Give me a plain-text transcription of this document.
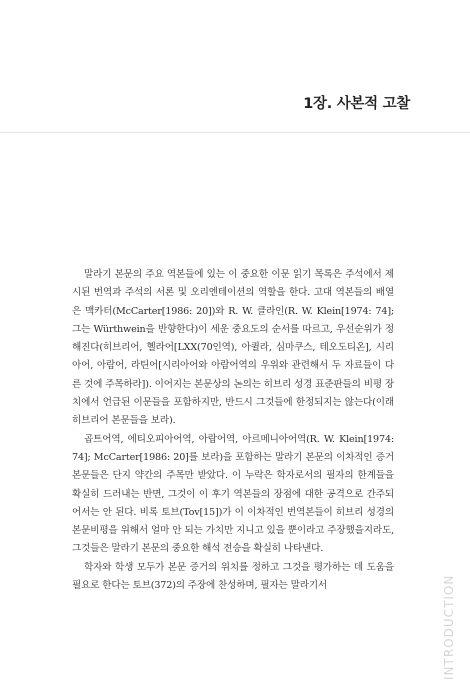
1장. 사본적 고찰

말라기 본문의 주요 역본들에 있는 이 중요한 이문 읽기 목록은 주석에서 제시된 번역과 주석의 서론 및 오리엔테이션의 역할을 한다. 고대 역본들의 배열은 맥카터(McCarter[1986: 20])와 R. W. 클라인(R. W. Klein[1974: 74]; 그는 Würthwein을 반향한다)이 세운 중요도의 순서를 따르고, 우선순위가 정해진다(히브리어, 헬라어[LXX(70인역), 아퀼라, 심마쿠스, 테오도티온], 시리아어, 아람어, 라틴어[시리아어와 아람어역의 우위와 관련해서 두 자료들이 다른 것에 주목하라]). 이어지는 본문상의 논의는 히브리 성경 표준판들의 비평 장치에서 언급된 이문들을 포함하지만, 반드시 그것들에 한정되지는 않는다(이래 히브리어 본문들을 보라).

곱트어역, 에티오피아어역, 아랍어역, 아르메니아어역(R. W. Klein[1974: 74]; McCarter[1986: 20]를 보라)을 포함하는 말라기 본문의 이차적인 증거 본문들은 단지 약간의 주목만 받았다. 이 누락은 학자로서의 필자의 한계들을 확실히 드러내는 반면, 그것이 이 후기 역본들의 장점에 대한 공격으로 간주되어서는 안 된다. 비록 토브(Tov[15])가 이 이차적인 번역본들이 히브리 성경의 본문비평을 위해서 얼마 안 되는 가치만 지니고 있을 뿐이라고 주장했을지라도, 그것들은 말라기 본문의 중요한 해석 전승을 확실히 나타낸다.

학자와 학생 모두가 본문 증거의 위치를 정하고 그것을 평가하는 데 도움을 필요로 한다는 토브(372)의 주장에 찬성하며, 필자는 말라기서	INTRODUCTION
